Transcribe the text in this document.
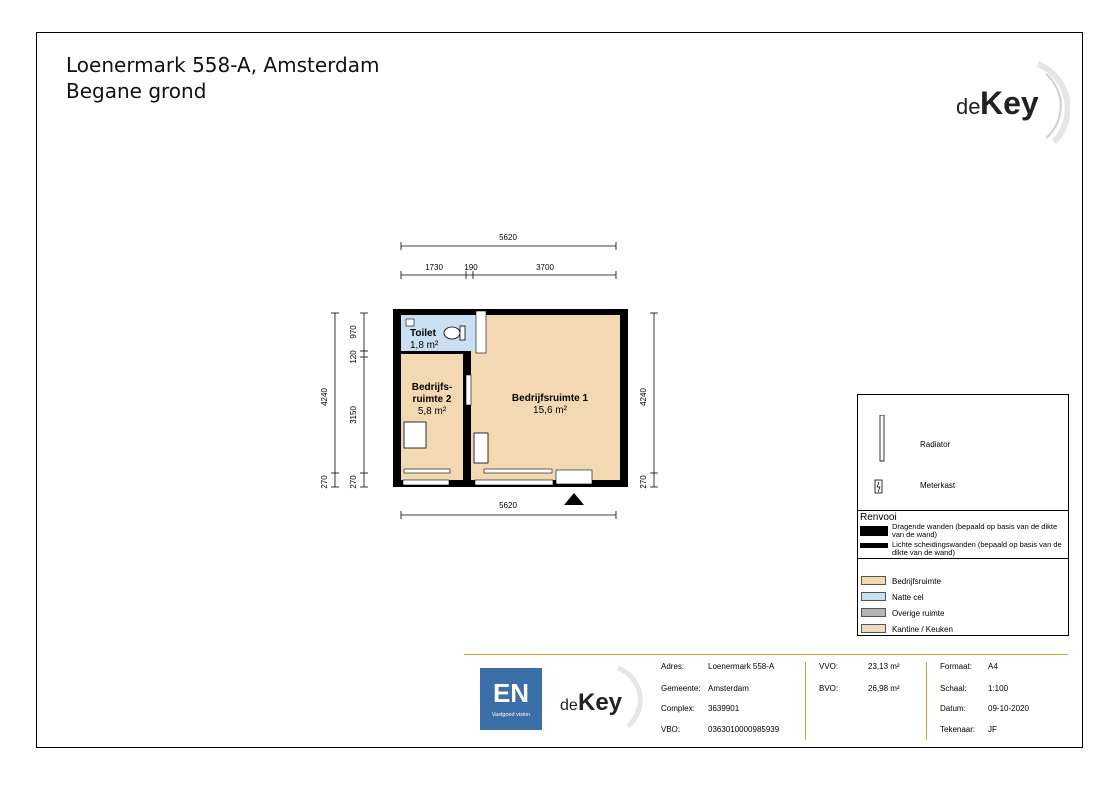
Loenermark 558-A, Amsterdam
Begane grond
de Key
5620
1730	190	3700
5620
4240
270	270
3150
120
970
4240
270
Toilet
1,8 m²
Bedrijfs-
ruimte 2
5,8 m²
Bedrijfsruimte 1
15,6 m²
Radiator
Meterkast
Renvooi
Dragende wanden (bepaald op basis van de dikte van de wand)
Lichte scheidingswanden (bepaald op basis van de dikte van de wand)
Bedrijfsruimte
Natte cel
Overige ruimte
Kantine / Keuken
EN
Vastgoed vision
de Key
Adres:	Loenermark 558-A
Gemeente: Amsterdam
Complex: 3639901
VBO:	0363010000985939
VVO:	23,13 m²
BVO:	26,98 m²
Formaat: A4
Schaal:	1:100
Datum:	09-10-2020
Tekenaar: JF
